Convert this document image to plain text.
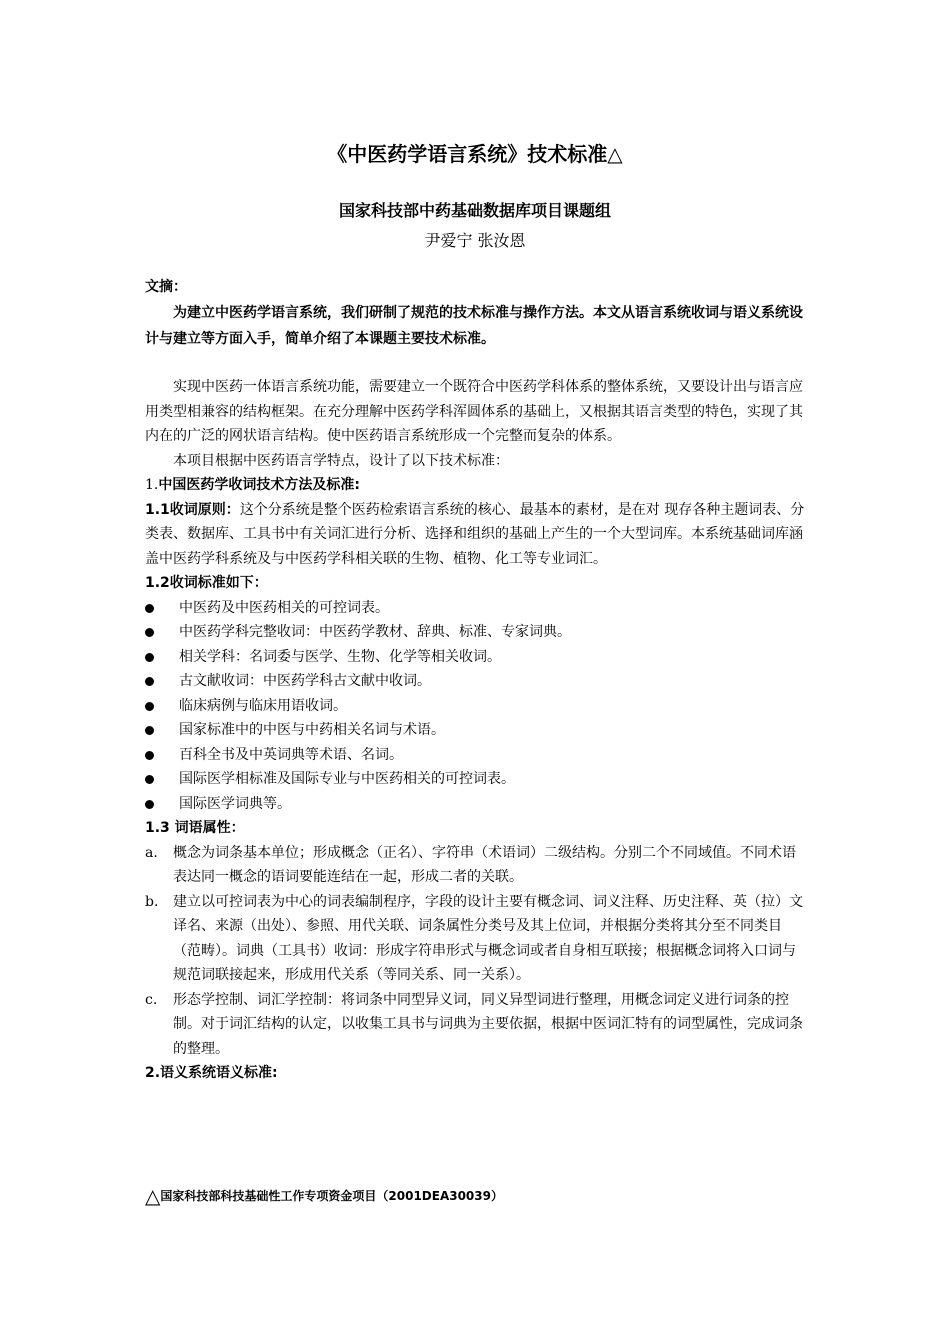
《中医药学语言系统》技术标准△
国家科技部中药基础数据库项目课题组
尹爱宁 张汝恩
文摘：
为建立中医药学语言系统，我们研制了规范的技术标准与操作方法。本文从语言系统收词与语义系统设计与建立等方面入手，简单介绍了本课题主要技术标准。

实现中医药一体语言系统功能，需要建立一个既符合中医药学科体系的整体系统，又要设计出与语言应用类型相兼容的结构框架。在充分理解中医药学科浑圆体系的基础上，又根据其语言类型的特色，实现了其内在的广泛的网状语言结构。使中医药语言系统形成一个完整而复杂的体系。

本项目根据中医药语言学特点，设计了以下技术标准：

1.中国医药学收词技术方法及标准:

1.1收词原则：这个分系统是整个医药检索语言系统的核心、最基本的素材，是在对 现存各种主题词表、分类表、数据库、工具书中有关词汇进行分析、选择和组织的基础上产生的一个大型词库。本系统基础词库涵盖中医药学科系统及与中医药学科相关联的生物、植物、化工等专业词汇。

1.2收词标准如下：

中医药及中医药相关的可控词表。
中医药学科完整收词：中医药学教材、辞典、标准、专家词典。
相关学科：名词委与医学、生物、化学等相关收词。
古文献收词：中医药学科古文献中收词。
临床病例与临床用语收词。
国家标准中的中医与中药相关名词与术语。
百科全书及中英词典等术语、名词。
国际医学相标准及国际专业与中医药相关的可控词表。
国际医学词典等。

1.3 词语属性：

a. 概念为词条基本单位；形成概念（正名）、字符串（术语词）二级结构。分别二个不同域值。不同术语表达同一概念的语词要能连结在一起，形成二者的关联。
b. 建立以可控词表为中心的词表编制程序，字段的设计主要有概念词、词义注释、历史注释、英（拉）文译名、来源（出处）、参照、用代关联、词条属性分类号及其上位词，并根据分类将其分至不同类目（范畴）。词典（工具书）收词：形成字符串形式与概念词或者自身相互联接；根据概念词将入口词与规范词联接起来，形成用代关系（等同关系、同一关系）。
c. 形态学控制、词汇学控制：将词条中同型异义词，同义异型词进行整理，用概念词定义进行词条的控制。对于词汇结构的认定，以收集工具书与词典为主要依据，根据中医词汇特有的词型属性，完成词条的整理。

2.语义系统语义标准:

△国家科技部科技基础性工作专项资金项目（2001DEA30039）
